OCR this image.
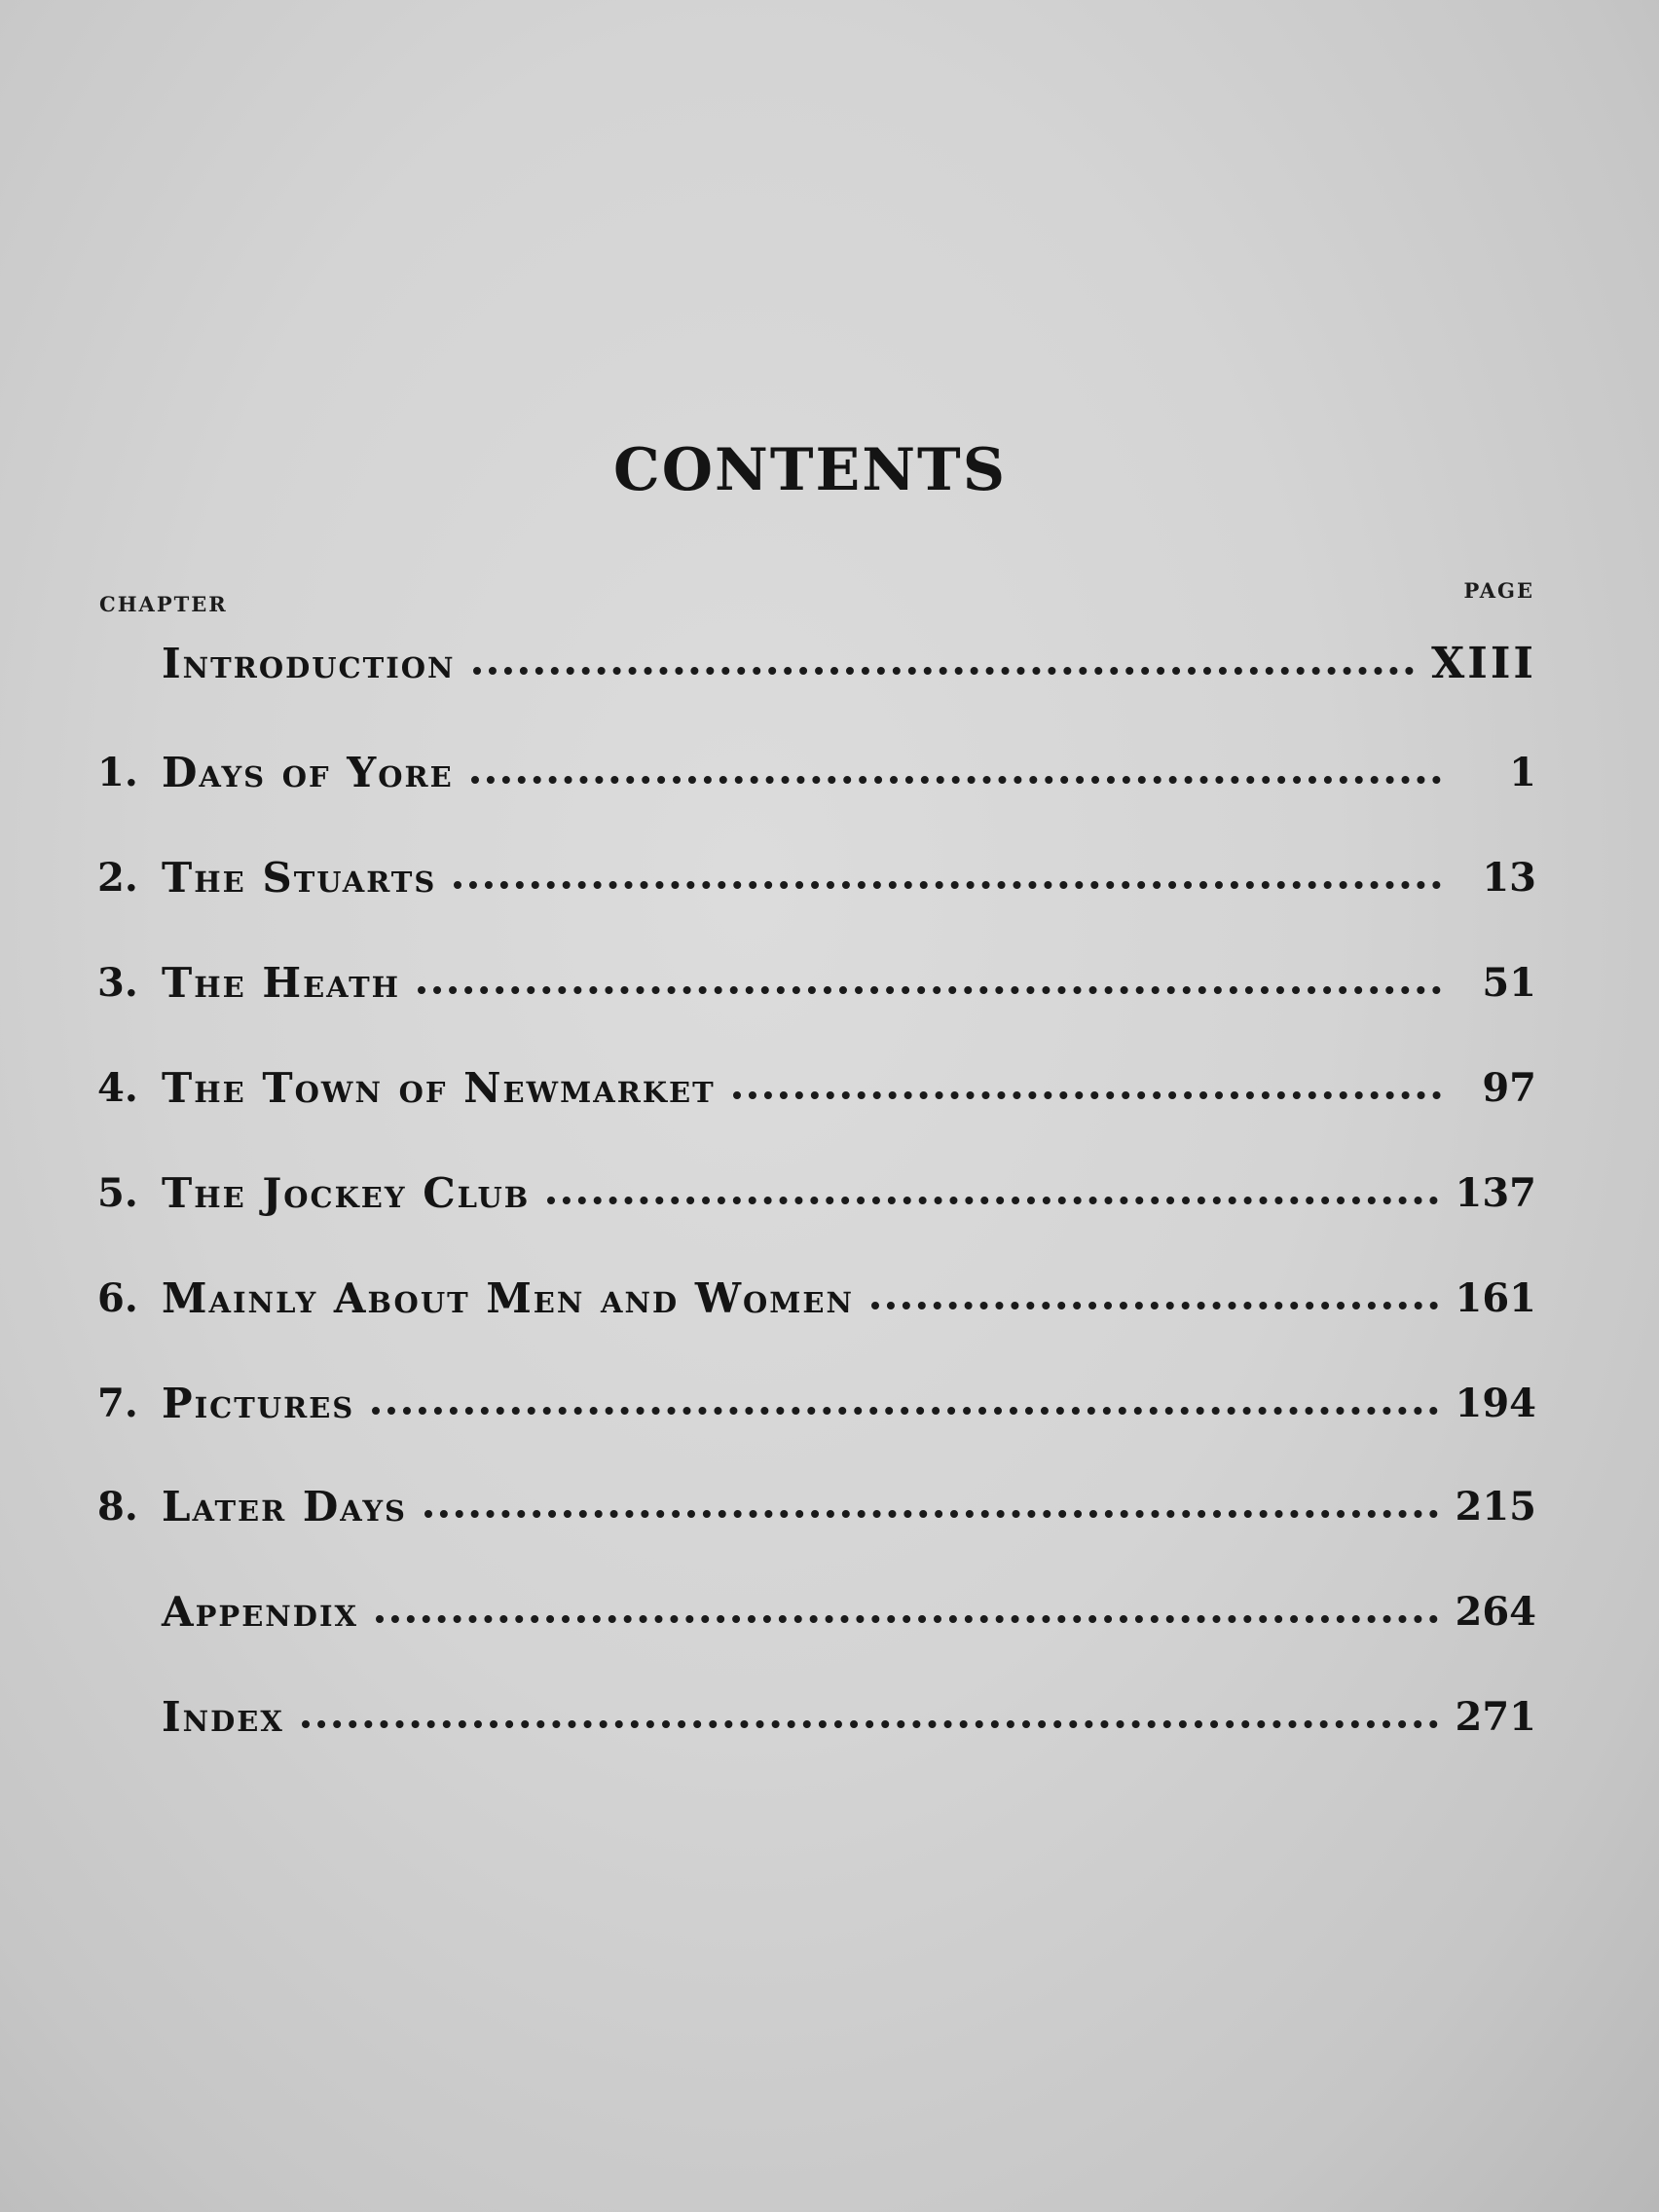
CONTENTS
CHAPTER
PAGE
Introduction	XIII
1. Days of Yore	1
2. The Stuarts	13
3. The Heath	51
4. The Town of Newmarket	97
5. The Jockey Club	137
6. Mainly About Men and Women	161
7. Pictures	194
8. Later Days	215
Appendix	264
Index	271
